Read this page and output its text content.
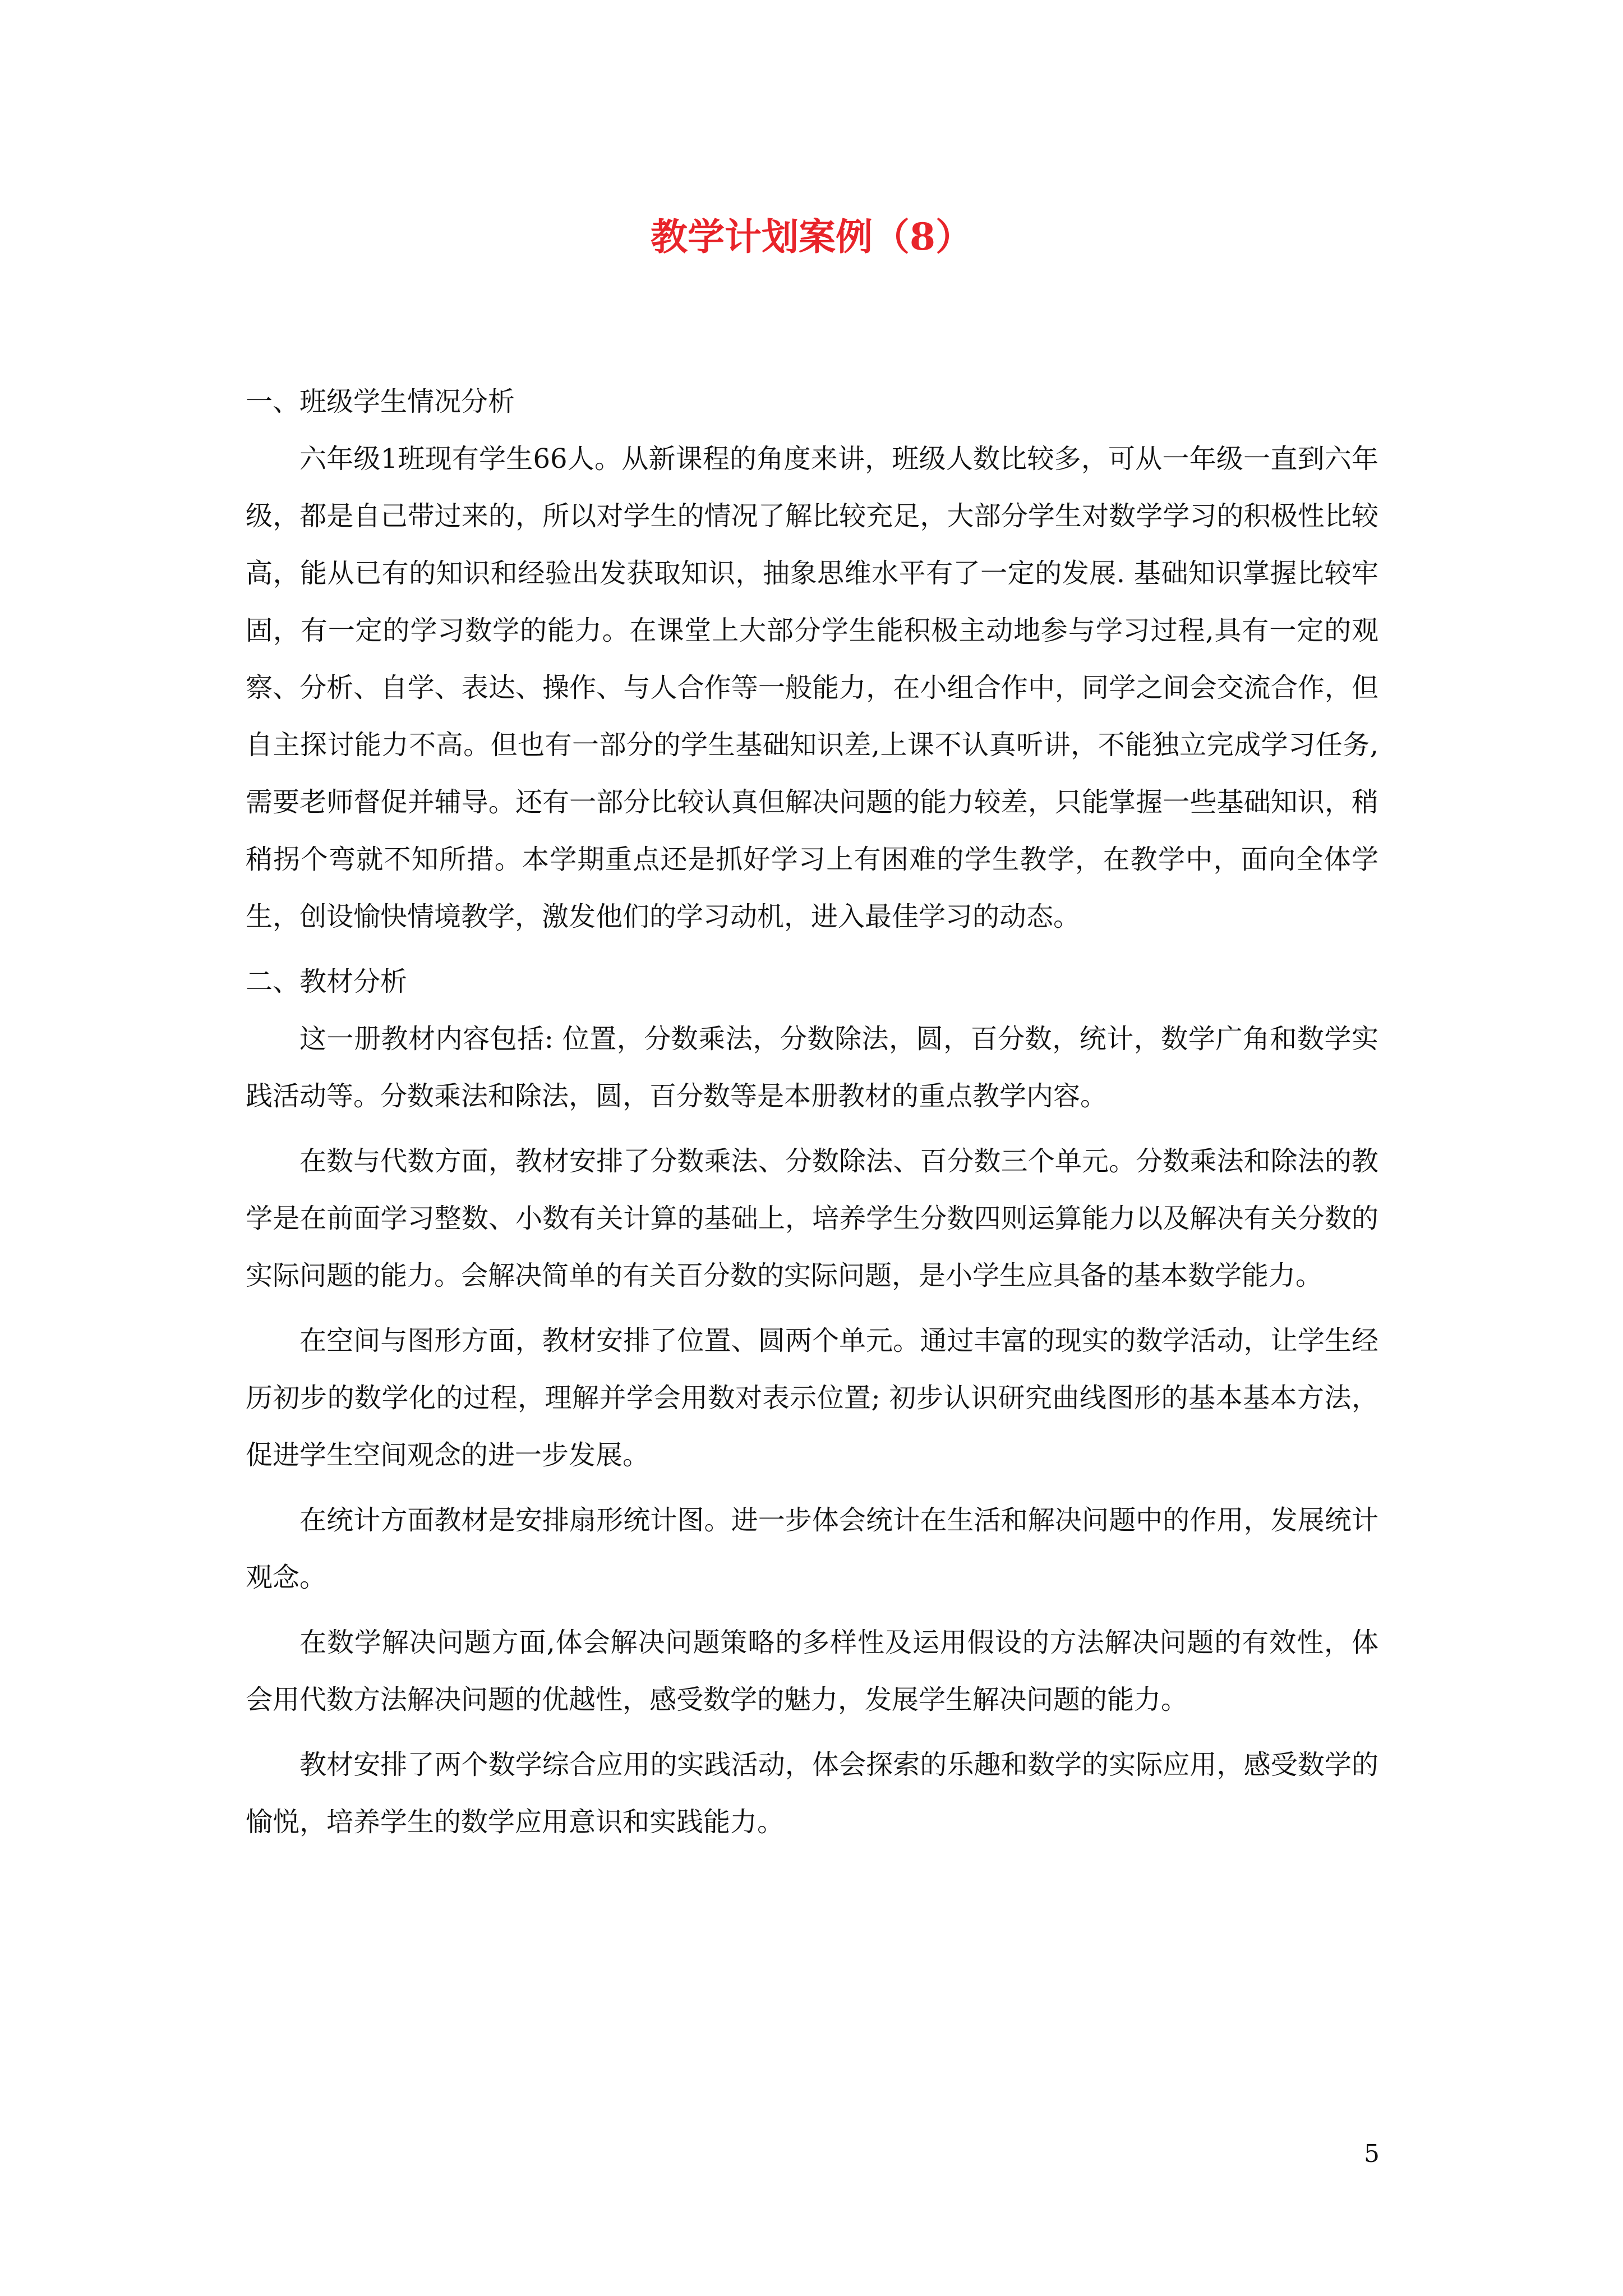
教学计划案例（8）
一、班级学生情况分析

六年级1班现有学生66人。从新课程的角度来讲，班级人数比较多，可从一年级一直到六年级，都是自己带过来的，所以对学生的情况了解比较充足，大部分学生对数学学习的积极性比较高，能从已有的知识和经验出发获取知识，抽象思维水平有了一定的发展. 基础知识掌握比较牢固，有一定的学习数学的能力。在课堂上大部分学生能积极主动地参与学习过程,具有一定的观察、分析、自学、表达、操作、与人合作等一般能力，在小组合作中，同学之间会交流合作，但自主探讨能力不高。但也有一部分的学生基础知识差,上课不认真听讲，不能独立完成学习任务,需要老师督促并辅导。还有一部分比较认真但解决问题的能力较差，只能掌握一些基础知识，稍稍拐个弯就不知所措。本学期重点还是抓好学习上有困难的学生教学，在教学中，面向全体学生，创设愉快情境教学，激发他们的学习动机，进入最佳学习的动态。

二、教材分析

这一册教材内容包括: 位置，分数乘法，分数除法，圆，百分数，统计，数学广角和数学实践活动等。分数乘法和除法，圆，百分数等是本册教材的重点教学内容。

在数与代数方面，教材安排了分数乘法、分数除法、百分数三个单元。分数乘法和除法的教学是在前面学习整数、小数有关计算的基础上，培养学生分数四则运算能力以及解决有关分数的实际问题的能力。会解决简单的有关百分数的实际问题，是小学生应具备的基本数学能力。

在空间与图形方面，教材安排了位置、圆两个单元。通过丰富的现实的数学活动，让学生经历初步的数学化的过程，理解并学会用数对表示位置; 初步认识研究曲线图形的基本基本方法，促进学生空间观念的进一步发展。

在统计方面教材是安排扇形统计图。进一步体会统计在生活和解决问题中的作用，发展统计观念。

在数学解决问题方面,体会解决问题策略的多样性及运用假设的方法解决问题的有效性，体会用代数方法解决问题的优越性，感受数学的魅力，发展学生解决问题的能力。

教材安排了两个数学综合应用的实践活动，体会探索的乐趣和数学的实际应用，感受数学的愉悦，培养学生的数学应用意识和实践能力。

5
